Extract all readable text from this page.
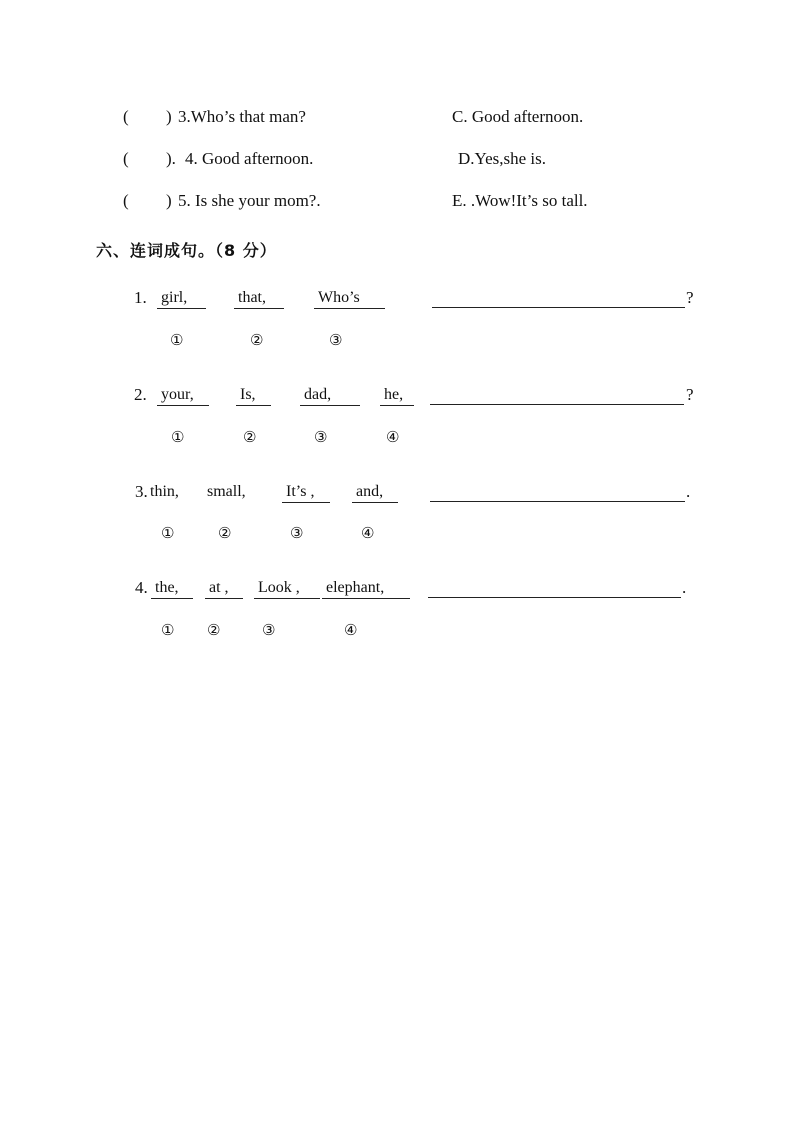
( ) 3.Who’s that man?	C. Good afternoon.
( ). 4. Good afternoon.	D.Yes,she is.
( ) 5. Is she your mom?.	E. .Wow!It’s so tall.
六、连词成句。（8 分）
1. girl,	that,	Who’s	?
①	②	③
2. your,	Is,	dad,	he,	?
①	②	③	④
3. thin,	small,	It’s ,	and,	.
①	②	③	④
4. the,	at ,	Look ,	elephant,	.
① ②	③	④
